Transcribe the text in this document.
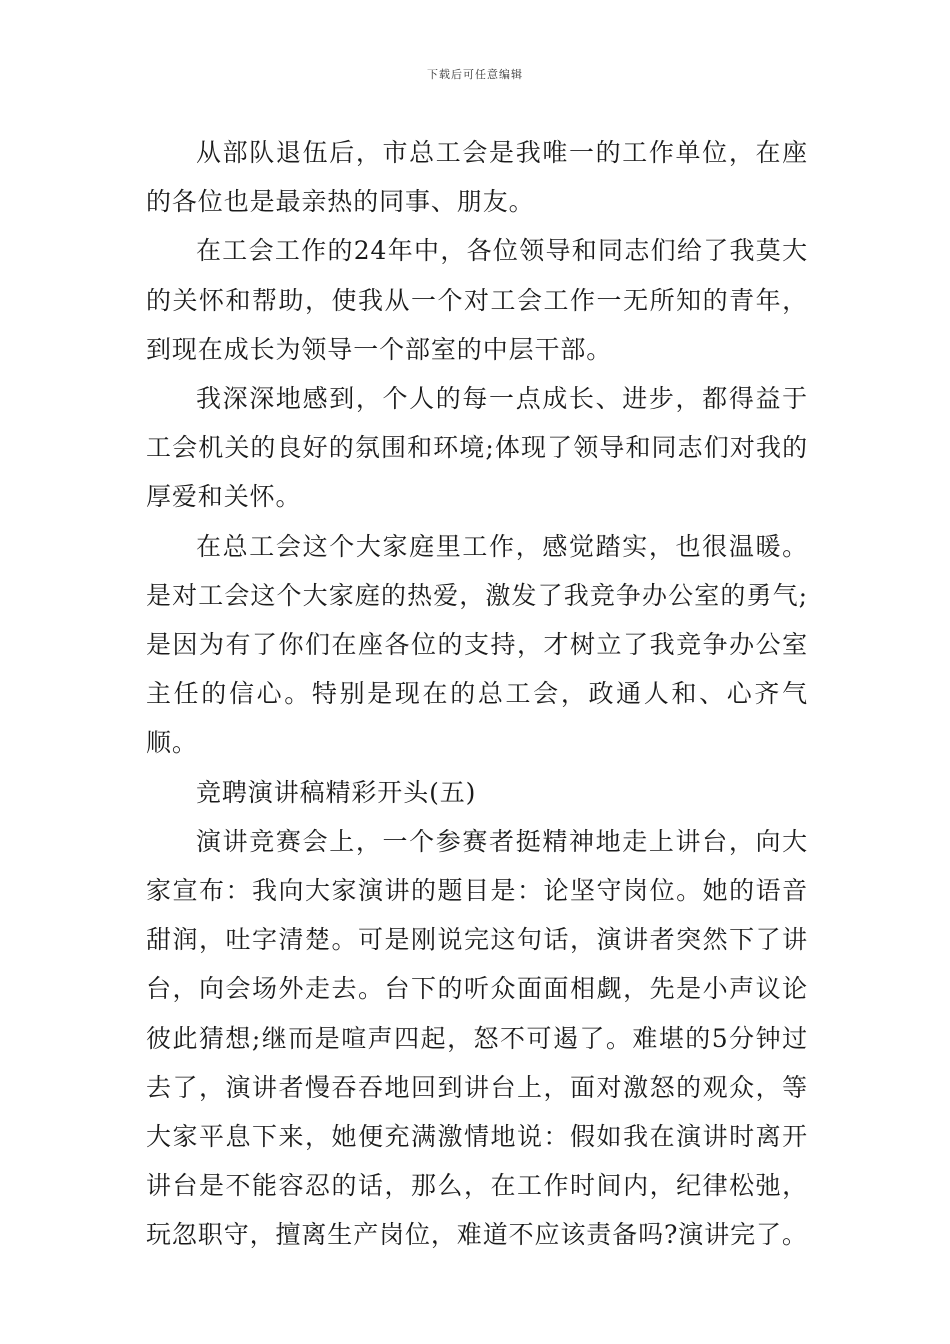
下载后可任意编辑

从部队退伍后，市总工会是我唯一的工作单位，在座的各位也是最亲热的同事、朋友。

在工会工作的24年中，各位领导和同志们给了我莫大的关怀和帮助，使我从一个对工会工作一无所知的青年，到现在成长为领导一个部室的中层干部。

我深深地感到，个人的每一点成长、进步，都得益于工会机关的良好的氛围和环境;体现了领导和同志们对我的厚爱和关怀。

在总工会这个大家庭里工作，感觉踏实，也很温暖。是对工会这个大家庭的热爱，激发了我竞争办公室的勇气;是因为有了你们在座各位的支持，才树立了我竞争办公室主任的信心。特别是现在的总工会，政通人和、心齐气顺。

竞聘演讲稿精彩开头(五)

演讲竞赛会上，一个参赛者挺精神地走上讲台，向大家宣布：我向大家演讲的题目是：论坚守岗位。她的语音甜润，吐字清楚。可是刚说完这句话，演讲者突然下了讲台，向会场外走去。台下的听众面面相觑，先是小声议论彼此猜想;继而是喧声四起，怒不可遏了。难堪的5分钟过去了，演讲者慢吞吞地回到讲台上，面对激怒的观众，等大家平息下来，她便充满激情地说：假如我在演讲时离开讲台是不能容忍的话，那么，在工作时间内，纪律松弛，玩忽职守，擅离生产岗位，难道不应该责备吗?演讲完了。
